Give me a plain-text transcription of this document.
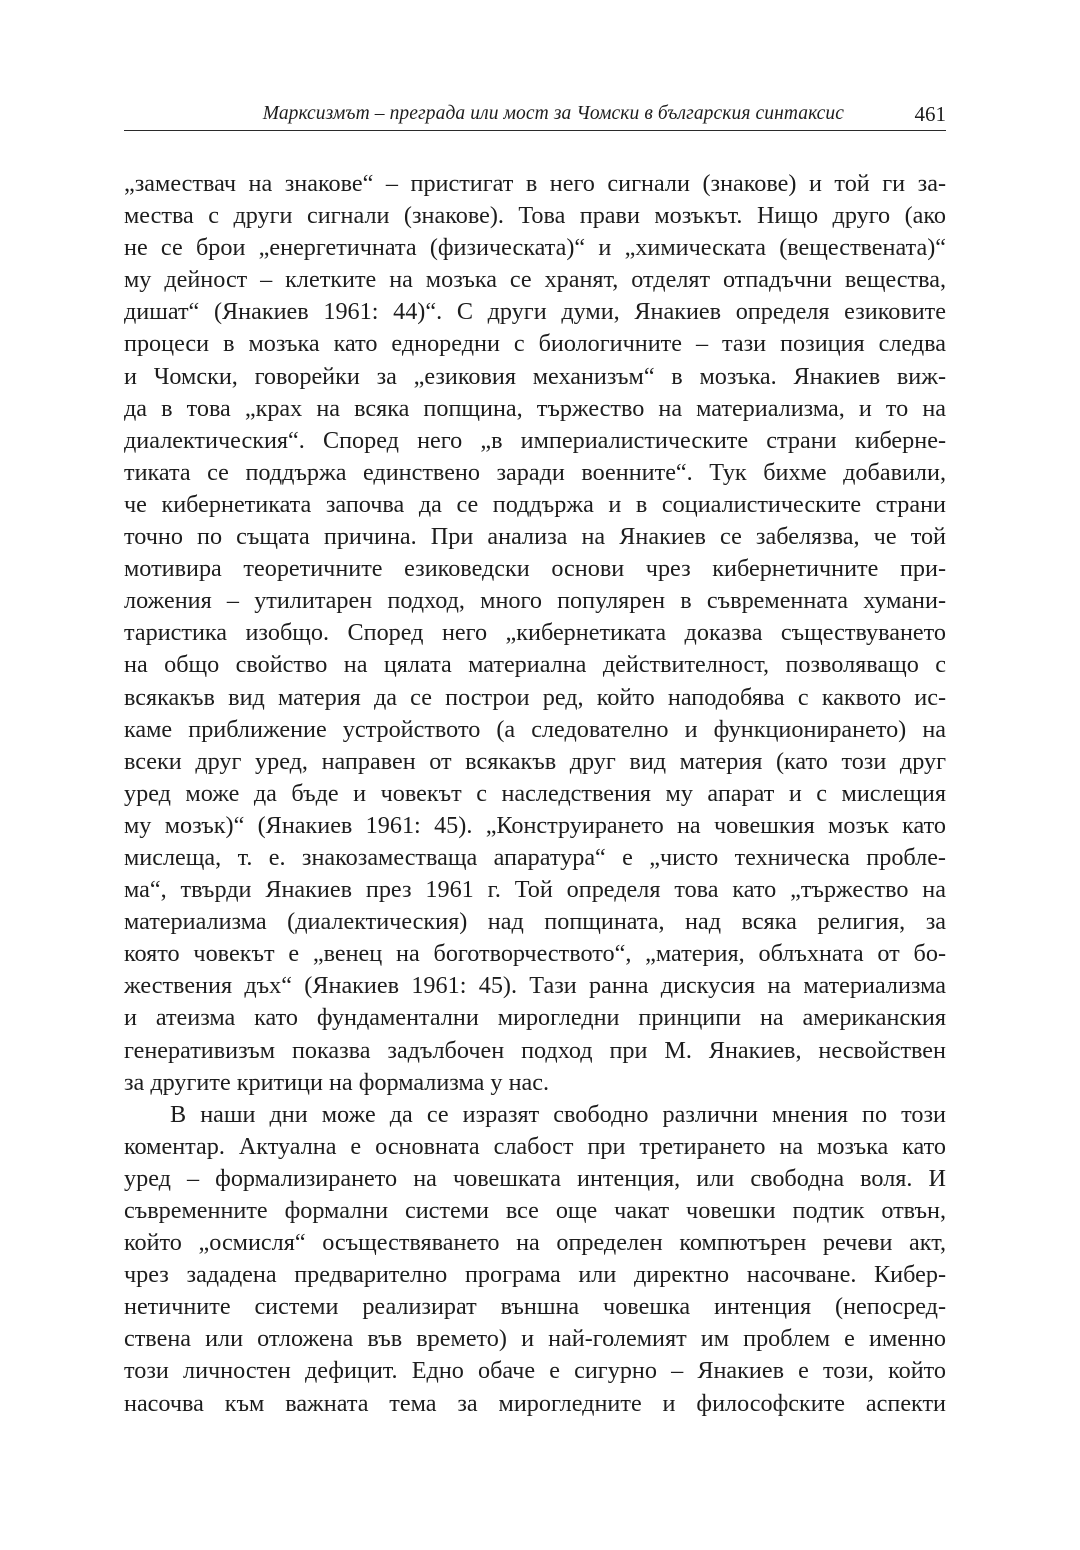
Марксизмът – преграда или мост за Чомски в българския синтаксис	461
„замествач на знакове“ – пристигат в него сигнали (знакове) и той ги за-
мества с други сигнали (знакове). Това прави мозъкът. Нищо друго (ако
не се брои „енергетичната (физическата)“ и „химическата (веществената)“
му дейност – клетките на мозъка се хранят, отделят отпадъчни вещества,
дишат“ (Янакиев 1961: 44)“. С други думи, Янакиев определя езиковите
процеси в мозъка като еднoредни с биологичните – тази позиция следва
и Чомски, говорейки за „езиковия механизъм“ в мозъка. Янакиев виж-
да в това „крах на всяка попщина, тържество на материализма, и то на
диалектическия“. Според него „в империалистическите страни киберне-
тиката се поддържа единствено заради военните“. Тук бихме добавили,
че кибернетиката започва да се поддържа и в социалистическите страни
точно по същата причина. При анализа на Янакиев се забелязва, че той
мотивира теоретичните езиковедски основи чрез кибернетичните при-
ложения – утилитарен подход, много популярен в съвременната хумани-
таристика изобщо. Според него „кибернетиката доказва съществуването
на общо свойство на цялата материална действителност, позволяващо с
всякакъв вид материя да се построи ред, който наподобява с каквото ис-
каме приближение устройството (а следователно и функционирането) на
всеки друг уред, направен от всякакъв друг вид материя (като този друг
уред може да бъде и човекът с наследствения му апарат и с мислещия
му мозък)“ (Янакиев 1961: 45). „Конструирането на човешкия мозък като
мислеща, т. е. знакозаместваща апаратура“ е „чисто техническа пробле-
ма“, твърди Янакиев през 1961 г. Той определя това като „тържество на
материализма (диалектическия) над попщината, над всяка религия, за
която човекът е „венец на боготворчеството“, „материя, облъхната от бо-
жествения дъх“ (Янакиев 1961: 45). Тази ранна дискусия на материализма
и атеизма като фундаментални мирогледни принципи на американския
генеративизъм показва задълбочен подход при М. Янакиев, несвойствен
за другите критици на формализма у нас.
В наши дни може да се изразят свободно различни мнения по този
коментар. Актуална е основната слабост при третирането на мозъка като
уред – формализирането на човешката интенция, или свободна воля. И
съвременните формални системи все още чакат човешки подтик отвън,
който „осмисля“ осъществяването на определен компютърен речеви акт,
чрез зададена предварително програма или директно насочване. Кибер-
нетичните системи реализират външна човешка интенция (непосред-
ствена или отложена във времето) и най-големият им проблем е именно
този личностен дефицит. Едно обаче е сигурно – Янакиев е този, който
насочва към важната тема за мирогледните и философските аспекти
